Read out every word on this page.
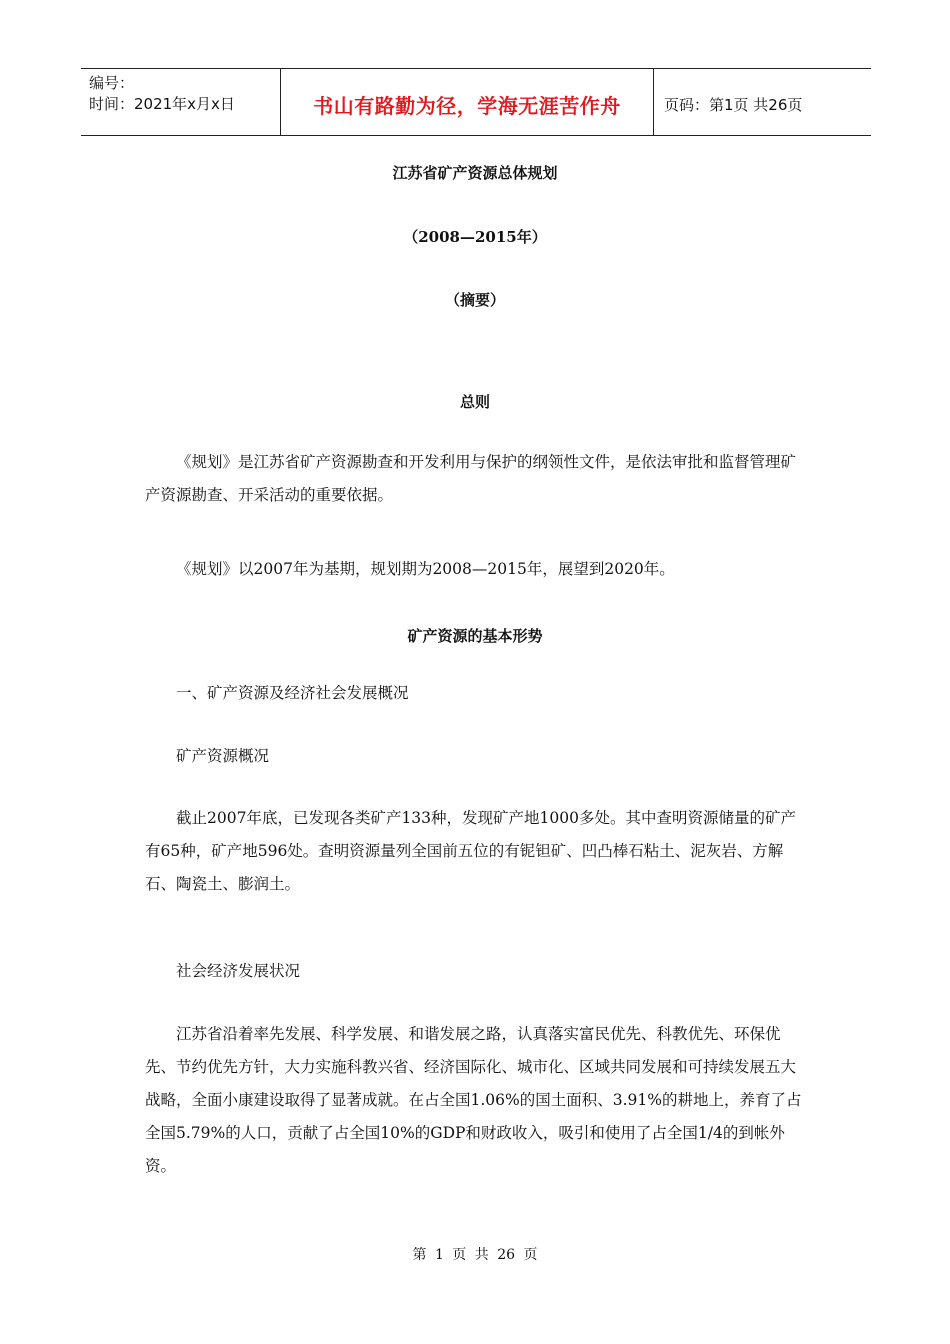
编号：
时间：2021年x月x日	书山有路勤为径，学海无涯苦作舟	页码：第1页 共26页
江苏省矿产资源总体规划
（2008—2015年）
（摘要）
总则

《规划》是江苏省矿产资源勘查和开发利用与保护的纲领性文件，是依法审批和监督管理矿产资源勘查、开采活动的重要依据。

《规划》以2007年为基期，规划期为2008—2015年，展望到2020年。

矿产资源的基本形势

一、矿产资源及经济社会发展概况

矿产资源概况

截止2007年底，已发现各类矿产133种，发现矿产地1000多处。其中查明资源储量的矿产有65种，矿产地596处。查明资源量列全国前五位的有铌钽矿、凹凸棒石粘土、泥灰岩、方解石、陶瓷土、膨润土。

社会经济发展状况

江苏省沿着率先发展、科学发展、和谐发展之路，认真落实富民优先、科教优先、环保优先、节约优先方针，大力实施科教兴省、经济国际化、城市化、区域共同发展和可持续发展五大战略，全面小康建设取得了显著成就。在占全国1.06%的国土面积、3.91%的耕地上，养育了占全国5.79%的人口，贡献了占全国10%的GDP和财政收入，吸引和使用了占全国1/4的到帐外资。

第 1 页 共 26 页
